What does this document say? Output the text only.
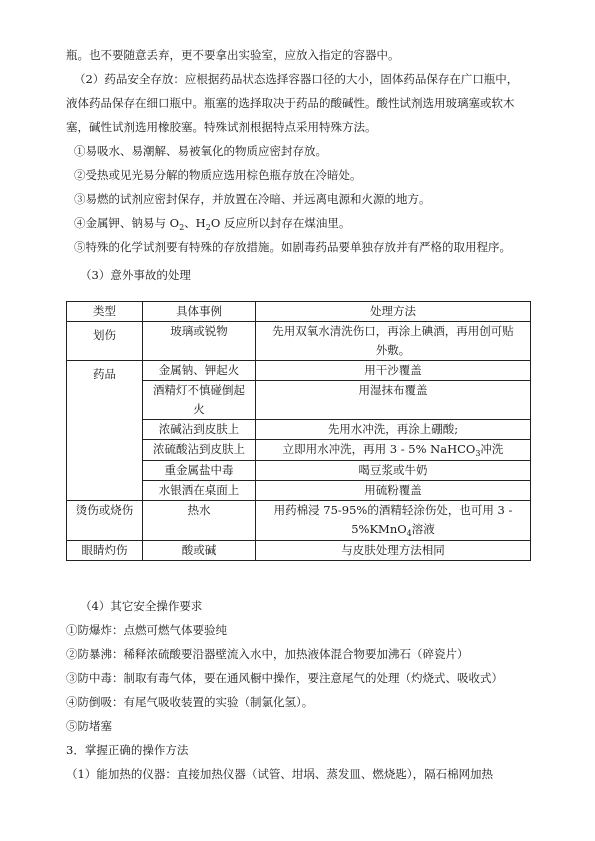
瓶。也不要随意丢弃，更不要拿出实验室，应放入指定的容器中。
（2）药品安全存放：应根据药品状态选择容器口径的大小，固体药品保存在广口瓶中，
液体药品保存在细口瓶中。瓶塞的选择取决于药品的酸碱性。酸性试剂选用玻璃塞或软木
塞，碱性试剂选用橡胶塞。特殊试剂根据特点采用特殊方法。
①易吸水、易潮解、易被氧化的物质应密封存放。
②受热或见光易分解的物质应选用棕色瓶存放在冷暗处。
③易燃的试剂应密封保存，并放置在冷暗、并远离电源和火源的地方。
④金属钾、钠易与 $O_2$、$H_2O$ 反应所以封存在煤油里。
⑤特殊的化学试剂要有特殊的存放措施。如剧毒药品要单独存放并有严格的取用程序。
（3）意外事故的处理
类型	具体事例	处理方法
划伤	玻璃或锐物	先用双氧水清洗伤口，再涂上碘酒，再用创可贴外敷。
药品	金属钠、钾起火	用干沙覆盖
	酒精灯不慎碰倒起火	用湿抹布覆盖
	浓碱沾到皮肤上	先用水冲洗，再涂上硼酸;
	浓硫酸沾到皮肤上	立即用水冲洗，再用 3 - 5% NaHCO$_3$冲洗
	重金属盐中毒	喝豆浆或牛奶
	水银洒在桌面上	用硫粉覆盖
烫伤或烧伤	热水	用药棉浸 75-95%的酒精轻涂伤处，也可用 3 - 5%KMnO$_4$溶液
眼睛灼伤	酸或碱	与皮肤处理方法相同
（4）其它安全操作要求
①防爆炸：点燃可燃气体要验纯
②防暴沸：稀释浓硫酸要沿器壁流入水中，加热液体混合物要加沸石（碎瓷片）
③防中毒：制取有毒气体，要在通风橱中操作，要注意尾气的处理（灼烧式、吸收式）
④防倒吸：有尾气吸收装置的实验（制氯化氢）。
⑤防堵塞
3．掌握正确的操作方法
（1）能加热的仪器：直接加热仪器（试管、坩埚、蒸发皿、燃烧匙），隔石棉网加热
